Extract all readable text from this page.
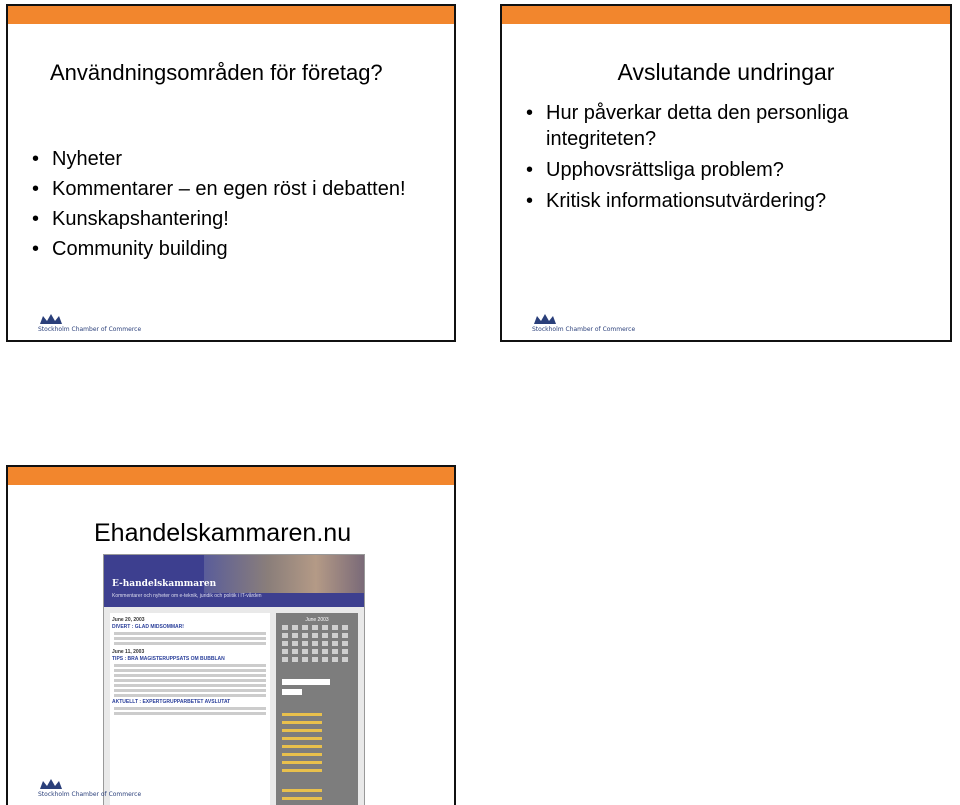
Användningsområden för företag?
• Nyheter
• Kommentarer – en egen röst i debatten!
• Kunskapshantering!
• Community building
Stockholm Chamber of Commerce
Avslutande undringar
• Hur påverkar detta den personliga integriteten?
• Upphovsrättsliga problem?
• Kritisk informationsutvärdering?
Stockholm Chamber of Commerce
Ehandelskammaren.nu
E-handelskammaren
Kommentarer och nyheter om e-teknik, juridik och politik i IT-vården
June 20, 2003
DIVERT : GLAD MIDSOMMAR!
June 11, 2003
TIPS : BRA MAGISTERUPPSATS OM BUBBLAN
AKTUELLT : EXPERTGRUPPARBETET AVSLUTAT
June 2003
Stockholm Chamber of Commerce
